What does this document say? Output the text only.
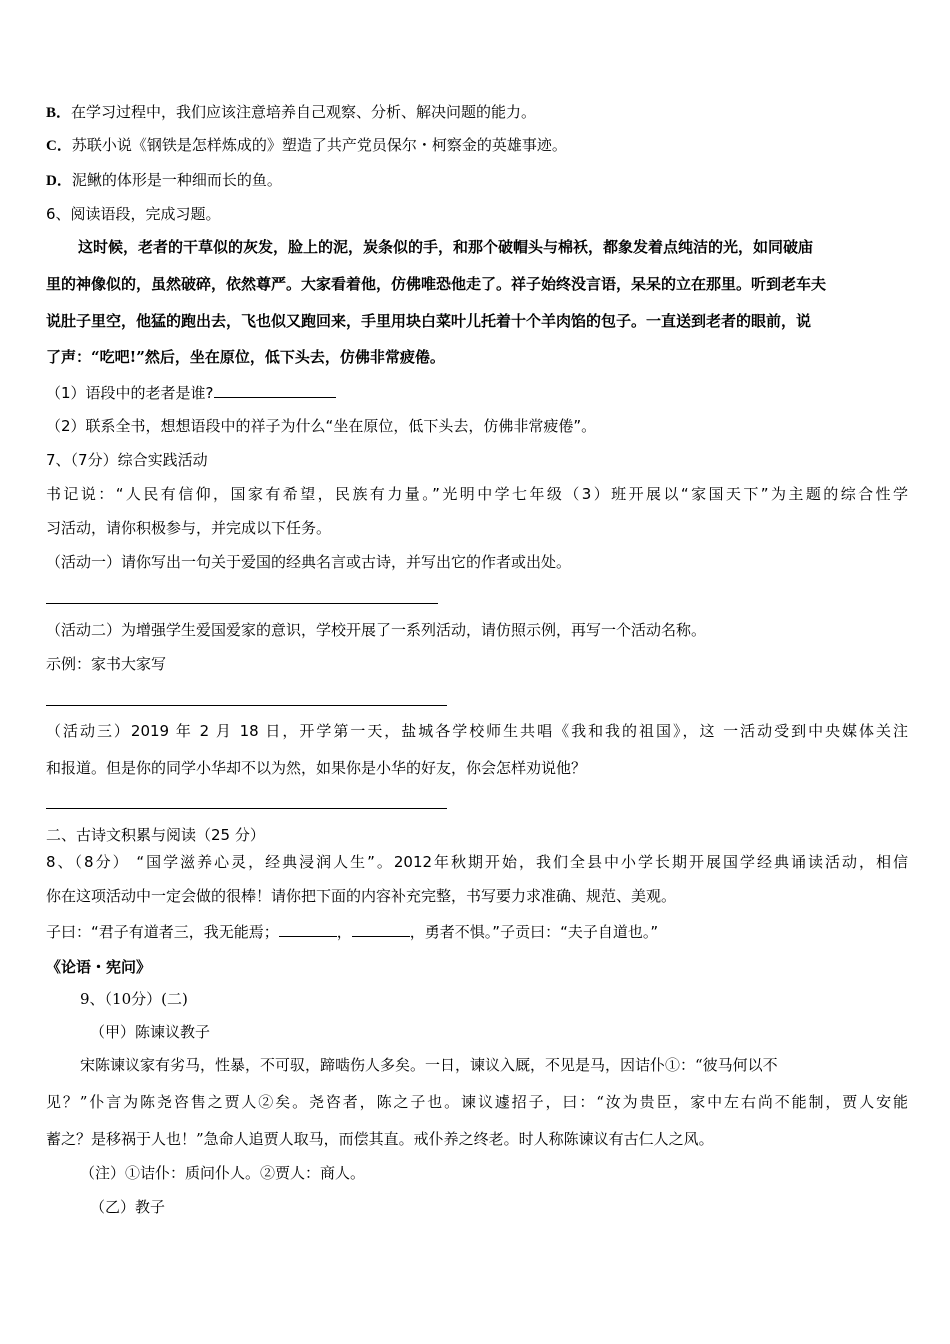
B．在学习过程中，我们应该注意培养自己观察、分析、解决问题的能力。
C．苏联小说《钢铁是怎样炼成的》塑造了共产党员保尔・柯察金的英雄事迹。
D．泥鳅的体形是一种细而长的鱼。
6、阅读语段，完成习题。
这时候，老者的干草似的灰发，脸上的泥，炭条似的手，和那个破帽头与棉袄，都象发着点纯洁的光，如同破庙
里的神像似的，虽然破碎，依然尊严。大家看着他，仿佛唯恐他走了。祥子始终没言语，呆呆的立在那里。听到老车夫
说肚子里空，他猛的跑出去，飞也似又跑回来，手里用块白菜叶儿托着十个羊肉馅的包子。一直送到老者的眼前，说
了声：“吃吧!”然后，坐在原位，低下头去，仿佛非常疲倦。
（1）语段中的老者是谁?
（2）联系全书，想想语段中的祥子为什么“坐在原位，低下头去，仿佛非常疲倦”。
7、（7分）综合实践活动
书记说：“人民有信仰，国家有希望，民族有力量。”光明中学七年级（3）班开展以“家国天下”为主题的综合性学
习活动，请你积极参与，并完成以下任务。
（活动一）请你写出一句关于爱国的经典名言或古诗，并写出它的作者或出处。
（活动二）为增强学生爱国爱家的意识，学校开展了一系列活动，请仿照示例，再写一个活动名称。
示例：家书大家写
（活动三）2019 年 2 月 18 日，开学第一天，盐城各学校师生共唱《我和我的祖国》，这 一活动受到中央媒体关注
和报道。但是你的同学小华却不以为然，如果你是小华的好友，你会怎样劝说他？
二、古诗文积累与阅读（25 分）
8、（8分） “国学滋养心灵，经典浸润人生”。2012年秋期开始，我们全县中小学长期开展国学经典诵读活动，相信
你在这项活动中一定会做的很棒！请你把下面的内容补充完整，书写要力求准确、规范、美观。
子曰：“君子有道者三，我无能焉；	，	，勇者不惧。”子贡曰：“夫子自道也。”
《论语・宪问》
9、（10分）(二)
（甲）陈谏议教子
宋陈谏议家有劣马，性暴，不可驭，蹄啮伤人多矣。一日，谏议入厩，不见是马，因诘仆①：“彼马何以不
见？”仆言为陈尧咨售之贾人②矣。尧咨者，陈之子也。谏议遽招子，曰：“汝为贵臣，家中左右尚不能制，贾人安能
蓄之？是移祸于人也！”急命人追贾人取马，而偿其直。戒仆养之终老。时人称陈谏议有古仁人之风。
（注）①诘仆：质问仆人。②贾人：商人。
（乙）教子
